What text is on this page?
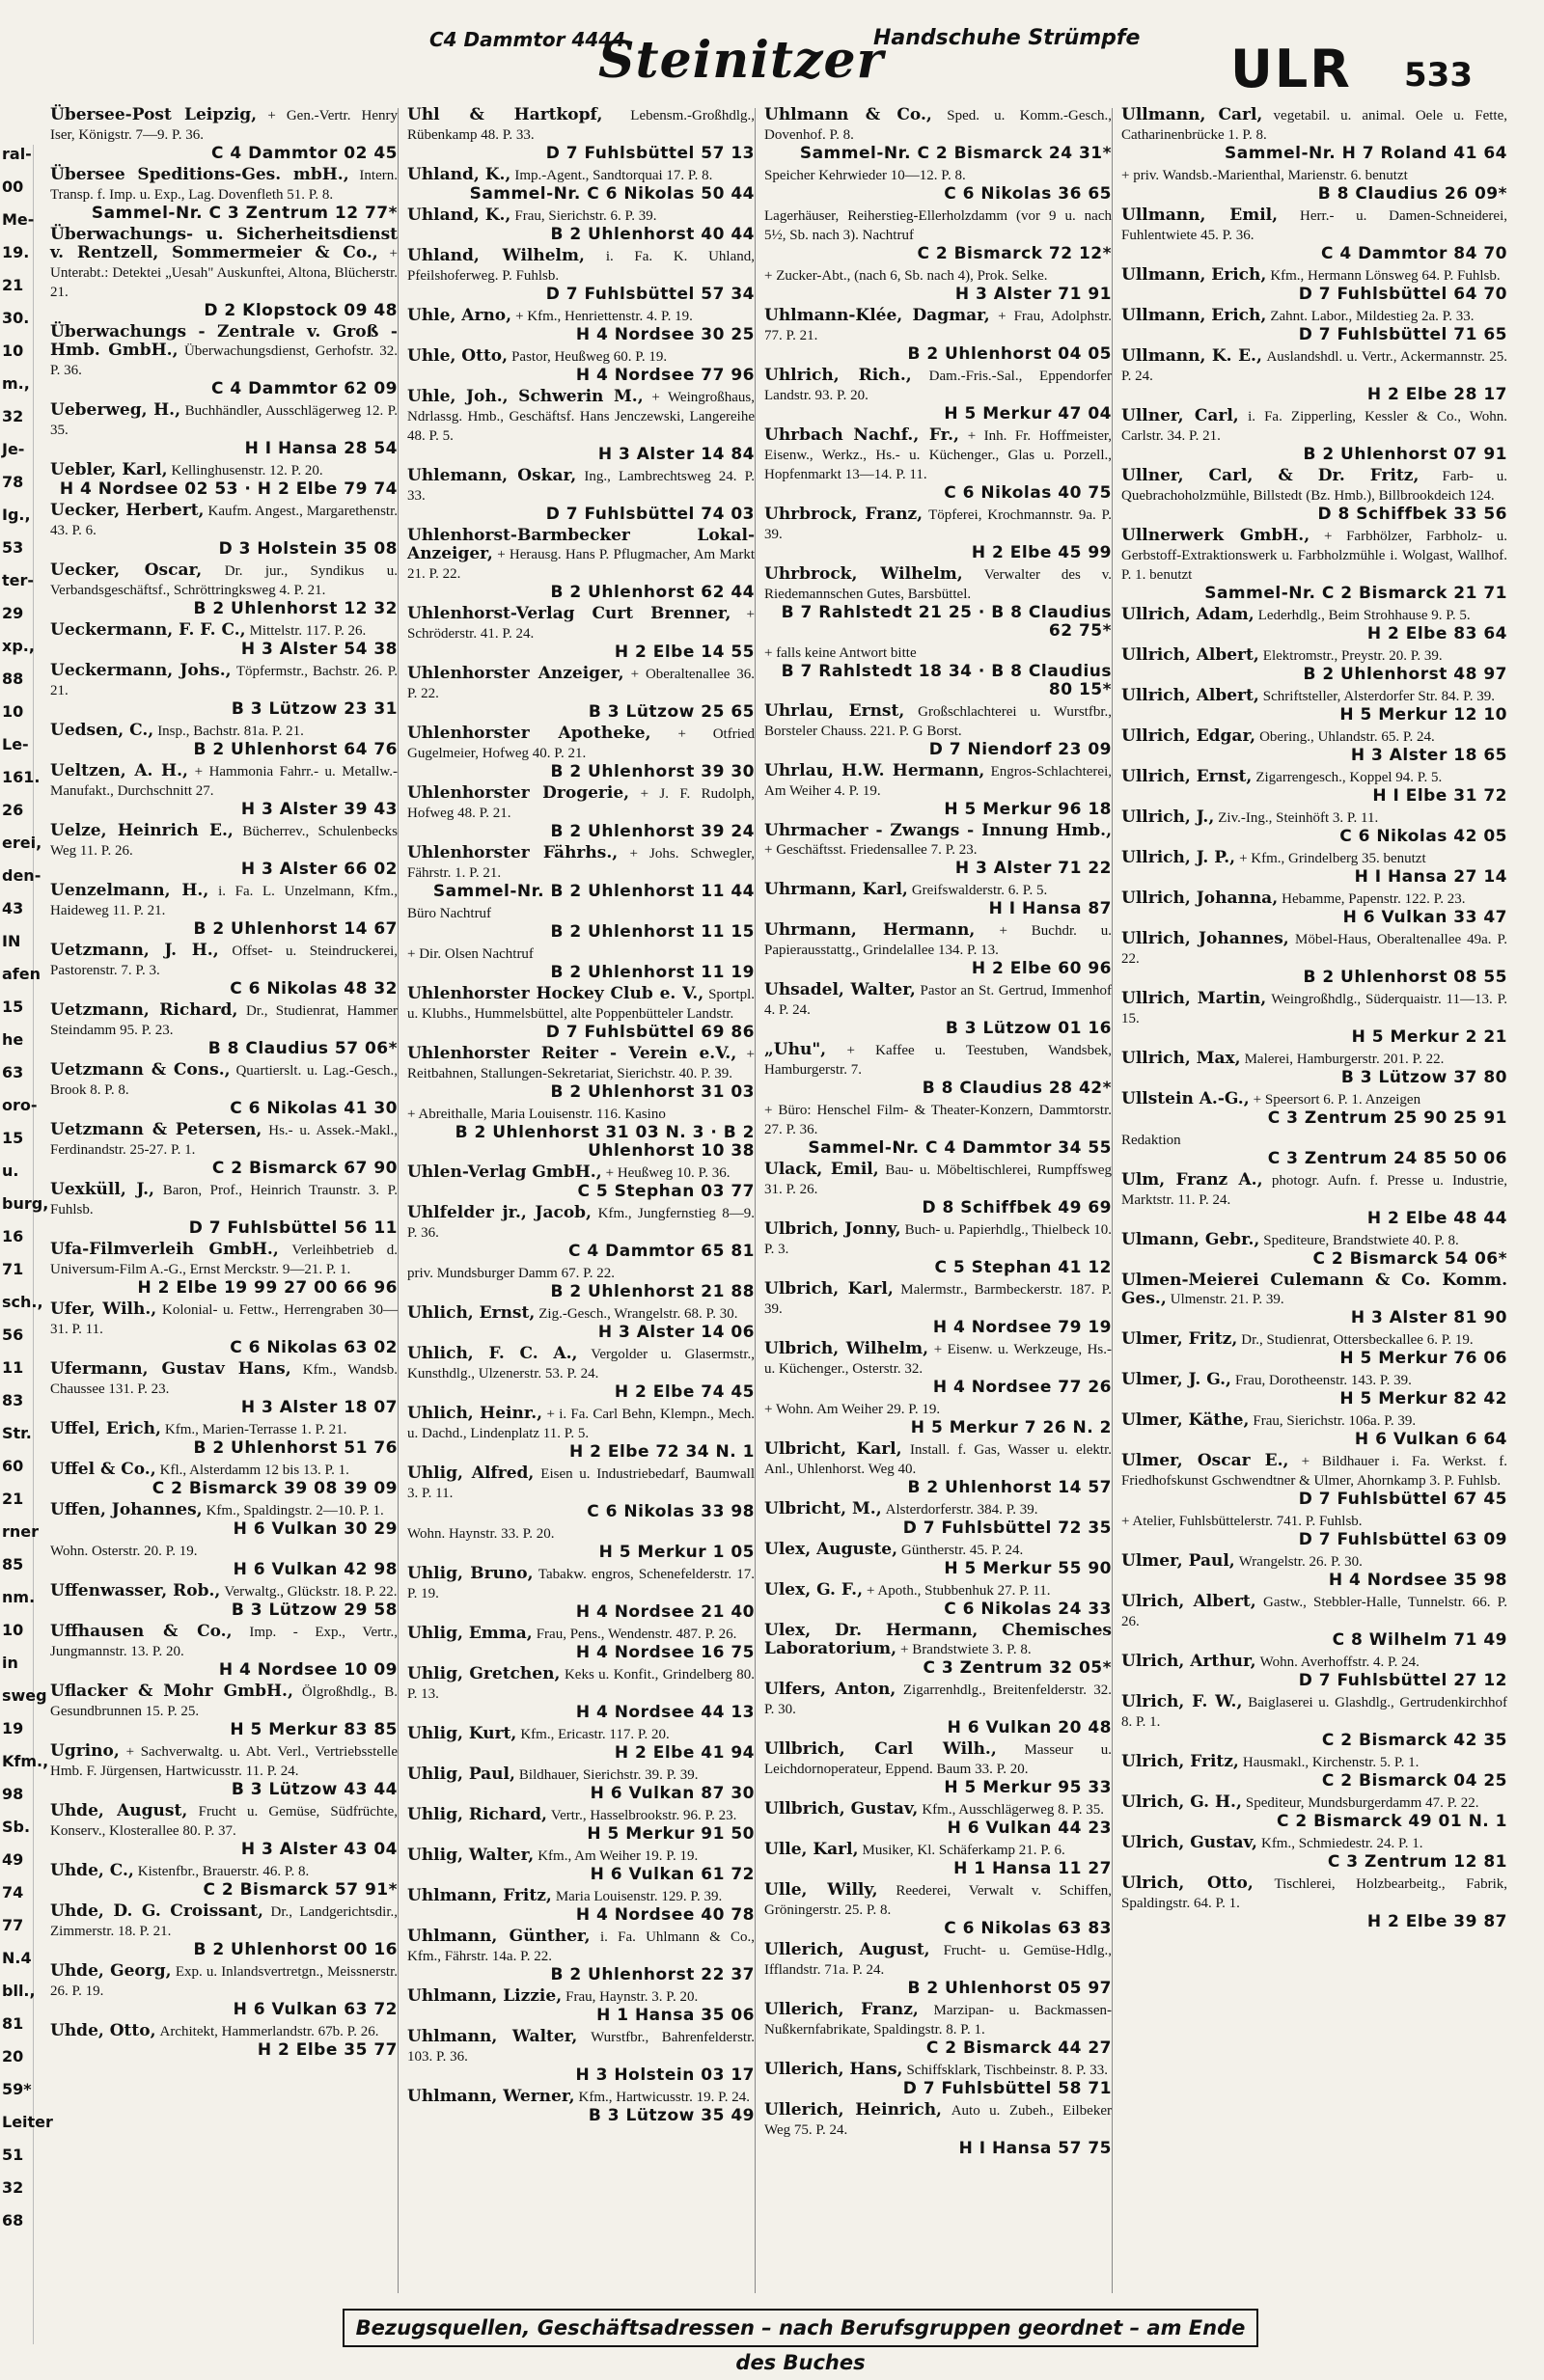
C4 Dammtor 4444
Steinitzer
Handschuhe Strümpfe
ULR 533
ral-
00
Me-
19.
21
30.
10
m.,
32
Je-
78
Ig.,
53
ter-
29
xp.,
88
10
Le-
161.
26
erei,
den-
43
IN
afen
15
he
63
oro-
15
u.
burg,
16
71
sch.,
56
11
83
Str.
60
21
rner
85
nm.
10
in
sweg
19
Kfm.,
98
Sb.
49
74
77
N.4
bll.,
81
20
59*
Leiter
51
32
68
Übersee-Post Leipzig, + Gen.-Vertr. Henry Iser, Königstr. 7—9. P. 36.
C 4 Dammtor 02 45
Übersee Speditions-Ges. mbH., Intern. Transp. f. Imp. u. Exp., Lag. Dovenfleth 51. P. 8.
Sammel-Nr. C 3 Zentrum 12 77*
Überwachungs- u. Sicherheitsdienst v. Rentzell, Sommermeier & Co., + Unterabt.: Detektei „Uesah" Auskunftei, Altona, Blücherstr. 21.
D 2 Klopstock 09 48
Überwachungs - Zentrale v. Groß - Hmb. GmbH., Überwachungsdienst, Gerhofstr. 32. P. 36.
C 4 Dammtor 62 09
Ueberweg, H., Buchhändler, Ausschlägerweg 12. P. 35.
H I Hansa 28 54
Uebler, Karl, Kellinghusenstr. 12. P. 20.
H 4 Nordsee 02 53 · H 2 Elbe 79 74
Uecker, Herbert, Kaufm. Angest., Margarethenstr. 43. P. 6.
D 3 Holstein 35 08
Uecker, Oscar, Dr. jur., Syndikus u. Verbandsgeschäftsf., Schröttringksweg 4. P. 21.
B 2 Uhlenhorst 12 32
Ueckermann, F. F. C., Mittelstr. 117. P. 26.
H 3 Alster 54 38
Ueckermann, Johs., Töpfermstr., Bachstr. 26. P. 21.
B 3 Lützow 23 31
Uedsen, C., Insp., Bachstr. 81a. P. 21.
B 2 Uhlenhorst 64 76
Ueltzen, A. H., + Hammonia Fahrr.- u. Metallw.-Manufakt., Durchschnitt 27.
H 3 Alster 39 43
Uelze, Heinrich E., Bücherrev., Schulenbecks Weg 11. P. 26.
H 3 Alster 66 02
Uenzelmann, H., i. Fa. L. Unzelmann, Kfm., Haideweg 11. P. 21.
B 2 Uhlenhorst 14 67
Uetzmann, J. H., Offset- u. Steindruckerei, Pastorenstr. 7. P. 3.
C 6 Nikolas 48 32
Uetzmann, Richard, Dr., Studienrat, Hammer Steindamm 95. P. 23.
B 8 Claudius 57 06*
Uetzmann & Cons., Quartierslt. u. Lag.-Gesch., Brook 8. P. 8.
C 6 Nikolas 41 30
Uetzmann & Petersen, Hs.- u. Assek.-Makl., Ferdinandstr. 25-27. P. 1.
C 2 Bismarck 67 90
Uexküll, J., Baron, Prof., Heinrich Traunstr. 3. P. Fuhlsb.
D 7 Fuhlsbüttel 56 11
Ufa-Filmverleih GmbH., Verleihbetrieb d. Universum-Film A.-G., Ernst Merckstr. 9—21. P. 1.
H 2 Elbe 19 99 27 00 66 96
Ufer, Wilh., Kolonial- u. Fettw., Herrengraben 30—31. P. 11.
C 6 Nikolas 63 02
Ufermann, Gustav Hans, Kfm., Wandsb. Chaussee 131. P. 23.
H 3 Alster 18 07
Uffel, Erich, Kfm., Marien-Terrasse 1. P. 21.
B 2 Uhlenhorst 51 76
Uffel & Co., Kfl., Alsterdamm 12 bis 13. P. 1.
C 2 Bismarck 39 08 39 09
Uffen, Johannes, Kfm., Spaldingstr. 2—10. P. 1.
H 6 Vulkan 30 29
Wohn. Osterstr. 20. P. 19.
H 6 Vulkan 42 98
Uffenwasser, Rob., Verwaltg., Glückstr. 18. P. 22.
B 3 Lützow 29 58
Uffhausen & Co., Imp. - Exp., Vertr., Jungmannstr. 13. P. 20.
H 4 Nordsee 10 09
Uflacker & Mohr GmbH., Ölgroßhdlg., B. Gesundbrunnen 15. P. 25.
H 5 Merkur 83 85
Ugrino, + Sachverwaltg. u. Abt. Verl., Vertriebsstelle Hmb. F. Jürgensen, Hartwicusstr. 11. P. 24.
B 3 Lützow 43 44
Uhde, August, Frucht u. Gemüse, Südfrüchte, Konserv., Klosterallee 80. P. 37.
H 3 Alster 43 04
Uhde, C., Kistenfbr., Brauerstr. 46. P. 8.
C 2 Bismarck 57 91*
Uhde, D. G. Croissant, Dr., Landgerichtsdir., Zimmerstr. 18. P. 21.
B 2 Uhlenhorst 00 16
Uhde, Georg, Exp. u. Inlandsvertretgn., Meissnerstr. 26. P. 19.
H 6 Vulkan 63 72
Uhde, Otto, Architekt, Hammerlandstr. 67b. P. 26.
H 2 Elbe 35 77
Uhl & Hartkopf, Lebensm.-Großhdlg., Rübenkamp 48. P. 33.
D 7 Fuhlsbüttel 57 13
Uhland, K., Imp.-Agent., Sandtorquai 17. P. 8.
Sammel-Nr. C 6 Nikolas 50 44
Uhland, K., Frau, Sierichstr. 6. P. 39.
B 2 Uhlenhorst 40 44
Uhland, Wilhelm, i. Fa. K. Uhland, Pfeilshoferweg. P. Fuhlsb.
D 7 Fuhlsbüttel 57 34
Uhle, Arno, + Kfm., Henriettenstr. 4. P. 19.
H 4 Nordsee 30 25
Uhle, Otto, Pastor, Heußweg 60. P. 19.
H 4 Nordsee 77 96
Uhle, Joh., Schwerin M., + Weingroßhaus, Ndrlassg. Hmb., Geschäftsf. Hans Jenczewski, Langereihe 48. P. 5.
H 3 Alster 14 84
Uhlemann, Oskar, Ing., Lambrechtsweg 24. P. 33.
D 7 Fuhlsbüttel 74 03
Uhlenhorst-Barmbecker Lokal-Anzeiger, + Herausg. Hans P. Pflugmacher, Am Markt 21. P. 22.
B 2 Uhlenhorst 62 44
Uhlenhorst-Verlag Curt Brenner, + Schröderstr. 41. P. 24.
H 2 Elbe 14 55
Uhlenhorster Anzeiger, + Oberaltenallee 36. P. 22.
B 3 Lützow 25 65
Uhlenhorster Apotheke, + Otfried Gugelmeier, Hofweg 40. P. 21.
B 2 Uhlenhorst 39 30
Uhlenhorster Drogerie, + J. F. Rudolph, Hofweg 48. P. 21.
B 2 Uhlenhorst 39 24
Uhlenhorster Fährhs., + Johs. Schwegler, Fährstr. 1. P. 21.
Sammel-Nr. B 2 Uhlenhorst 11 44
Büro Nachtruf
B 2 Uhlenhorst 11 15
+ Dir. Olsen Nachtruf
B 2 Uhlenhorst 11 19
Uhlenhorster Hockey Club e. V., Sportpl. u. Klubhs., Hummelsbüttel, alte Poppenbütteler Landstr.
D 7 Fuhlsbüttel 69 86
Uhlenhorster Reiter - Verein e.V., + Reitbahnen, Stallungen-Sekretariat, Sierichstr. 40. P. 39.
B 2 Uhlenhorst 31 03
+ Abreithalle, Maria Louisenstr. 116. Kasino
B 2 Uhlenhorst 31 03 N. 3 · B 2 Uhlenhorst 10 38
Uhlen-Verlag GmbH., + Heußweg 10. P. 36.
C 5 Stephan 03 77
Uhlfelder jr., Jacob, Kfm., Jungfernstieg 8—9. P. 36.
C 4 Dammtor 65 81
priv. Mundsburger Damm 67. P. 22.
B 2 Uhlenhorst 21 88
Uhlich, Ernst, Zig.-Gesch., Wrangelstr. 68. P. 30.
H 3 Alster 14 06
Uhlich, F. C. A., Vergolder u. Glasermstr., Kunsthdlg., Ulzenerstr. 53. P. 24.
H 2 Elbe 74 45
Uhlich, Heinr., + i. Fa. Carl Behn, Klempn., Mech. u. Dachd., Lindenplatz 11. P. 5.
H 2 Elbe 72 34 N. 1
Uhlig, Alfred, Eisen u. Industriebedarf, Baumwall 3. P. 11.
C 6 Nikolas 33 98
Wohn. Haynstr. 33. P. 20.
H 5 Merkur 1 05
Uhlig, Bruno, Tabakw. engros, Schenefelderstr. 17. P. 19.
H 4 Nordsee 21 40
Uhlig, Emma, Frau, Pens., Wendenstr. 487. P. 26.
H 4 Nordsee 16 75
Uhlig, Gretchen, Keks u. Konfit., Grindelberg 80. P. 13.
H 4 Nordsee 44 13
Uhlig, Kurt, Kfm., Ericastr. 117. P. 20.
H 2 Elbe 41 94
Uhlig, Paul, Bildhauer, Sierichstr. 39. P. 39.
H 6 Vulkan 87 30
Uhlig, Richard, Vertr., Hasselbrookstr. 96. P. 23.
H 5 Merkur 91 50
Uhlig, Walter, Kfm., Am Weiher 19. P. 19.
H 6 Vulkan 61 72
Uhlmann, Fritz, Maria Louisenstr. 129. P. 39.
H 4 Nordsee 40 78
Uhlmann, Günther, i. Fa. Uhlmann & Co., Kfm., Fährstr. 14a. P. 22.
B 2 Uhlenhorst 22 37
Uhlmann, Lizzie, Frau, Haynstr. 3. P. 20.
H 1 Hansa 35 06
Uhlmann, Walter, Wurstfbr., Bahrenfelderstr. 103. P. 36.
H 3 Holstein 03 17
Uhlmann, Werner, Kfm., Hartwicusstr. 19. P. 24.
B 3 Lützow 35 49
Uhlmann & Co., Sped. u. Komm.-Gesch., Dovenhof. P. 8.
Sammel-Nr. C 2 Bismarck 24 31*
Speicher Kehrwieder 10—12. P. 8.
C 6 Nikolas 36 65
Lagerhäuser, Reiherstieg-Ellerholzdamm (vor 9 u. nach 5½, Sb. nach 3). Nachtruf
C 2 Bismarck 72 12*
+ Zucker-Abt., (nach 6, Sb. nach 4), Prok. Selke.
H 3 Alster 71 91
Uhlmann-Klée, Dagmar, + Frau, Adolphstr. 77. P. 21.
B 2 Uhlenhorst 04 05
Uhlrich, Rich., Dam.-Fris.-Sal., Eppendorfer Landstr. 93. P. 20.
H 5 Merkur 47 04
Uhrbach Nachf., Fr., + Inh. Fr. Hoffmeister, Eisenw., Werkz., Hs.- u. Küchenger., Glas u. Porzell., Hopfenmarkt 13—14. P. 11.
C 6 Nikolas 40 75
Uhrbrock, Franz, Töpferei, Krochmannstr. 9a. P. 39.
H 2 Elbe 45 99
Uhrbrock, Wilhelm, Verwalter des v. Riedemannschen Gutes, Barsbüttel.
B 7 Rahlstedt 21 25 · B 8 Claudius 62 75*
+ falls keine Antwort bitte
B 7 Rahlstedt 18 34 · B 8 Claudius 80 15*
Uhrlau, Ernst, Großschlachterei u. Wurstfbr., Borsteler Chauss. 221. P. G Borst.
D 7 Niendorf 23 09
Uhrlau, H.W. Hermann, Engros-Schlachterei, Am Weiher 4. P. 19.
H 5 Merkur 96 18
Uhrmacher - Zwangs - Innung Hmb., + Geschäftsst. Friedensallee 7. P. 23.
H 3 Alster 71 22
Uhrmann, Karl, Greifswalderstr. 6. P. 5.
H I Hansa 87
Uhrmann, Hermann, + Buchdr. u. Papierausstattg., Grindelallee 134. P. 13.
H 2 Elbe 60 96
Uhsadel, Walter, Pastor an St. Gertrud, Immenhof 4. P. 24.
B 3 Lützow 01 16
„Uhu", + Kaffee u. Teestuben, Wandsbek, Hamburgerstr. 7.
B 8 Claudius 28 42*
+ Büro: Henschel Film- & Theater-Konzern, Dammtorstr. 27. P. 36.
Sammel-Nr. C 4 Dammtor 34 55
Ulack, Emil, Bau- u. Möbeltischlerei, Rumpffsweg 31. P. 26.
D 8 Schiffbek 49 69
Ulbrich, Jonny, Buch- u. Papierhdlg., Thielbeck 10. P. 3.
C 5 Stephan 41 12
Ulbrich, Karl, Malermstr., Barmbeckerstr. 187. P. 39.
H 4 Nordsee 79 19
Ulbrich, Wilhelm, + Eisenw. u. Werkzeuge, Hs.- u. Küchenger., Osterstr. 32.
H 4 Nordsee 77 26
+ Wohn. Am Weiher 29. P. 19.
H 5 Merkur 7 26 N. 2
Ulbricht, Karl, Install. f. Gas, Wasser u. elektr. Anl., Uhlenhorst. Weg 40.
B 2 Uhlenhorst 14 57
Ulbricht, M., Alsterdorferstr. 384. P. 39.
D 7 Fuhlsbüttel 72 35
Ulex, Auguste, Güntherstr. 45. P. 24.
H 5 Merkur 55 90
Ulex, G. F., + Apoth., Stubbenhuk 27. P. 11.
C 6 Nikolas 24 33
Ulex, Dr. Hermann, Chemisches Laboratorium, + Brandstwiete 3. P. 8.
C 3 Zentrum 32 05*
Ulfers, Anton, Zigarrenhdlg., Breitenfelderstr. 32. P. 30.
H 6 Vulkan 20 48
Ullbrich, Carl Wilh., Masseur u. Leichdornoperateur, Eppend. Baum 33. P. 20.
H 5 Merkur 95 33
Ullbrich, Gustav, Kfm., Ausschlägerweg 8. P. 35.
H 6 Vulkan 44 23
Ulle, Karl, Musiker, Kl. Schäferkamp 21. P. 6.
H 1 Hansa 11 27
Ulle, Willy, Reederei, Verwalt v. Schiffen, Gröningerstr. 25. P. 8.
C 6 Nikolas 63 83
Ullerich, August, Frucht- u. Gemüse-Hdlg., Ifflandstr. 71a. P. 24.
B 2 Uhlenhorst 05 97
Ullerich, Franz, Marzipan- u. Backmassen-Nußkernfabrikate, Spaldingstr. 8. P. 1.
C 2 Bismarck 44 27
Ullerich, Hans, Schiffsklark, Tischbeinstr. 8. P. 33.
D 7 Fuhlsbüttel 58 71
Ullerich, Heinrich, Auto u. Zubeh., Eilbeker Weg 75. P. 24.
H I Hansa 57 75
Ullmann, Carl, vegetabil. u. animal. Oele u. Fette, Catharinenbrücke 1. P. 8.
Sammel-Nr. H 7 Roland 41 64
+ priv. Wandsb.-Marienthal, Marienstr. 6. benutzt
B 8 Claudius 26 09*
Ullmann, Emil, Herr.- u. Damen-Schneiderei, Fuhlentwiete 45. P. 36.
C 4 Dammtor 84 70
Ullmann, Erich, Kfm., Hermann Lönsweg 64. P. Fuhlsb.
D 7 Fuhlsbüttel 64 70
Ullmann, Erich, Zahnt. Labor., Mildestieg 2a. P. 33.
D 7 Fuhlsbüttel 71 65
Ullmann, K. E., Auslandshdl. u. Vertr., Ackermannstr. 25. P. 24.
H 2 Elbe 28 17
Ullner, Carl, i. Fa. Zipperling, Kessler & Co., Wohn. Carlstr. 34. P. 21.
B 2 Uhlenhorst 07 91
Ullner, Carl, & Dr. Fritz, Farb- u. Quebrachoholzmühle, Billstedt (Bz. Hmb.), Billbrookdeich 124.
D 8 Schiffbek 33 56
Ullnerwerk GmbH., + Farbhölzer, Farbholz- u. Gerbstoff-Extraktionswerk u. Farbholzmühle i. Wolgast, Wallhof. P. 1. benutzt
Sammel-Nr. C 2 Bismarck 21 71
Ullrich, Adam, Lederhdlg., Beim Strohhause 9. P. 5.
H 2 Elbe 83 64
Ullrich, Albert, Elektromstr., Preystr. 20. P. 39.
B 2 Uhlenhorst 48 97
Ullrich, Albert, Schriftsteller, Alsterdorfer Str. 84. P. 39.
H 5 Merkur 12 10
Ullrich, Edgar, Obering., Uhlandstr. 65. P. 24.
H 3 Alster 18 65
Ullrich, Ernst, Zigarrengesch., Koppel 94. P. 5.
H I Elbe 31 72
Ullrich, J., Ziv.-Ing., Steinhöft 3. P. 11.
C 6 Nikolas 42 05
Ullrich, J. P., + Kfm., Grindelberg 35. benutzt
H I Hansa 27 14
Ullrich, Johanna, Hebamme, Papenstr. 122. P. 23.
H 6 Vulkan 33 47
Ullrich, Johannes, Möbel-Haus, Oberaltenallee 49a. P. 22.
B 2 Uhlenhorst 08 55
Ullrich, Martin, Weingroßhdlg., Süderquaistr. 11—13. P. 15.
H 5 Merkur 2 21
Ullrich, Max, Malerei, Hamburgerstr. 201. P. 22.
B 3 Lützow 37 80
Ullstein A.-G., + Speersort 6. P. 1. Anzeigen
C 3 Zentrum 25 90 25 91
Redaktion
C 3 Zentrum 24 85 50 06
Ulm, Franz A., photogr. Aufn. f. Presse u. Industrie, Marktstr. 11. P. 24.
H 2 Elbe 48 44
Ulmann, Gebr., Spediteure, Brandstwiete 40. P. 8.
C 2 Bismarck 54 06*
Ulmen-Meierei Culemann & Co. Komm. Ges., Ulmenstr. 21. P. 39.
H 3 Alster 81 90
Ulmer, Fritz, Dr., Studienrat, Ottersbeckallee 6. P. 19.
H 5 Merkur 76 06
Ulmer, J. G., Frau, Dorotheenstr. 143. P. 39.
H 5 Merkur 82 42
Ulmer, Käthe, Frau, Sierichstr. 106a. P. 39.
H 6 Vulkan 6 64
Ulmer, Oscar E., + Bildhauer i. Fa. Werkst. f. Friedhofskunst Gschwendtner & Ulmer, Ahornkamp 3. P. Fuhlsb.
D 7 Fuhlsbüttel 67 45
+ Atelier, Fuhlsbüttelerstr. 741. P. Fuhlsb.
D 7 Fuhlsbüttel 63 09
Ulmer, Paul, Wrangelstr. 26. P. 30.
H 4 Nordsee 35 98
Ulrich, Albert, Gastw., Stebbler-Halle, Tunnelstr. 66. P. 26.
C 8 Wilhelm 71 49
Ulrich, Arthur, Wohn. Averhoffstr. 4. P. 24.
D 7 Fuhlsbüttel 27 12
Ulrich, F. W., Baiglaserei u. Glashdlg., Gertrudenkirchhof 8. P. 1.
C 2 Bismarck 42 35
Ulrich, Fritz, Hausmakl., Kirchenstr. 5. P. 1.
C 2 Bismarck 04 25
Ulrich, G. H., Spediteur, Mundsburgerdamm 47. P. 22.
C 2 Bismarck 49 01 N. 1
Ulrich, Gustav, Kfm., Schmiedestr. 24. P. 1.
C 3 Zentrum 12 81
Ulrich, Otto, Tischlerei, Holzbearbeitg., Fabrik, Spaldingstr. 64. P. 1.
H 2 Elbe 39 87
Bezugsquellen, Geschäftsadressen – nach Berufsgruppen geordnet – am Ende des Buches
